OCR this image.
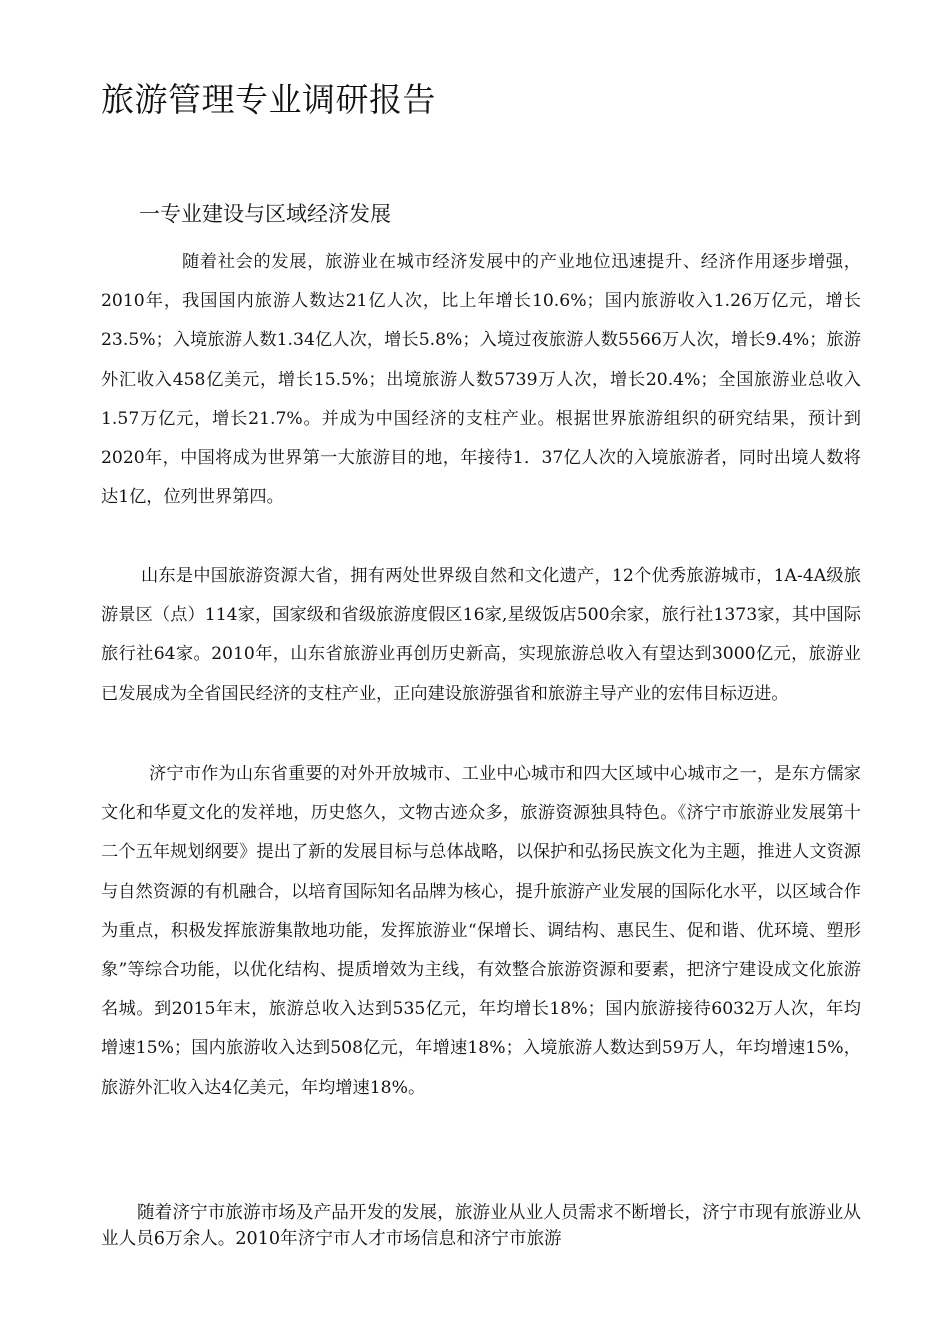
旅游管理专业调研报告
一专业建设与区域经济发展

随着社会的发展，旅游业在城市经济发展中的产业地位迅速提升、经济作用逐步增强，2010年，我国国内旅游人数达21亿人次，比上年增长10.6%；国内旅游收入1.26万亿元，增长23.5%；入境旅游人数1.34亿人次，增长5.8%；入境过夜旅游人数5566万人次，增长9.4%；旅游外汇收入458亿美元，增长15.5%；出境旅游人数5739万人次，增长20.4%；全国旅游业总收入1.57万亿元，增长21.7%。并成为中国经济的支柱产业。根据世界旅游组织的研究结果，预计到2020年，中国将成为世界第一大旅游目的地，年接待1．37亿人次的入境旅游者，同时出境人数将达1亿，位列世界第四。

山东是中国旅游资源大省，拥有两处世界级自然和文化遗产，12个优秀旅游城市，1A-4A级旅游景区（点）114家，国家级和省级旅游度假区16家,星级饭店500余家，旅行社1373家，其中国际旅行社64家。2010年，山东省旅游业再创历史新高，实现旅游总收入有望达到3000亿元，旅游业已发展成为全省国民经济的支柱产业，正向建设旅游强省和旅游主导产业的宏伟目标迈进。

济宁市作为山东省重要的对外开放城市、工业中心城市和四大区域中心城市之一，是东方儒家文化和华夏文化的发祥地，历史悠久，文物古迹众多，旅游资源独具特色。《济宁市旅游业发展第十二个五年规划纲要》提出了新的发展目标与总体战略，以保护和弘扬民族文化为主题，推进人文资源与自然资源的有机融合，以培育国际知名品牌为核心，提升旅游产业发展的国际化水平，以区域合作为重点，积极发挥旅游集散地功能，发挥旅游业“保增长、调结构、惠民生、促和谐、优环境、塑形象”等综合功能，以优化结构、提质增效为主线，有效整合旅游资源和要素，把济宁建设成文化旅游名城。到2015年末，旅游总收入达到535亿元，年均增长18%；国内旅游接待6032万人次，年均增速15%；国内旅游收入达到508亿元，年增速18%；入境旅游人数达到59万人，年均增速15%，旅游外汇收入达4亿美元，年均增速18%。

随着济宁市旅游市场及产品开发的发展，旅游业从业人员需求不断增长，济宁市现有旅游业从业人员6万余人。2010年济宁市人才市场信息和济宁市旅游
